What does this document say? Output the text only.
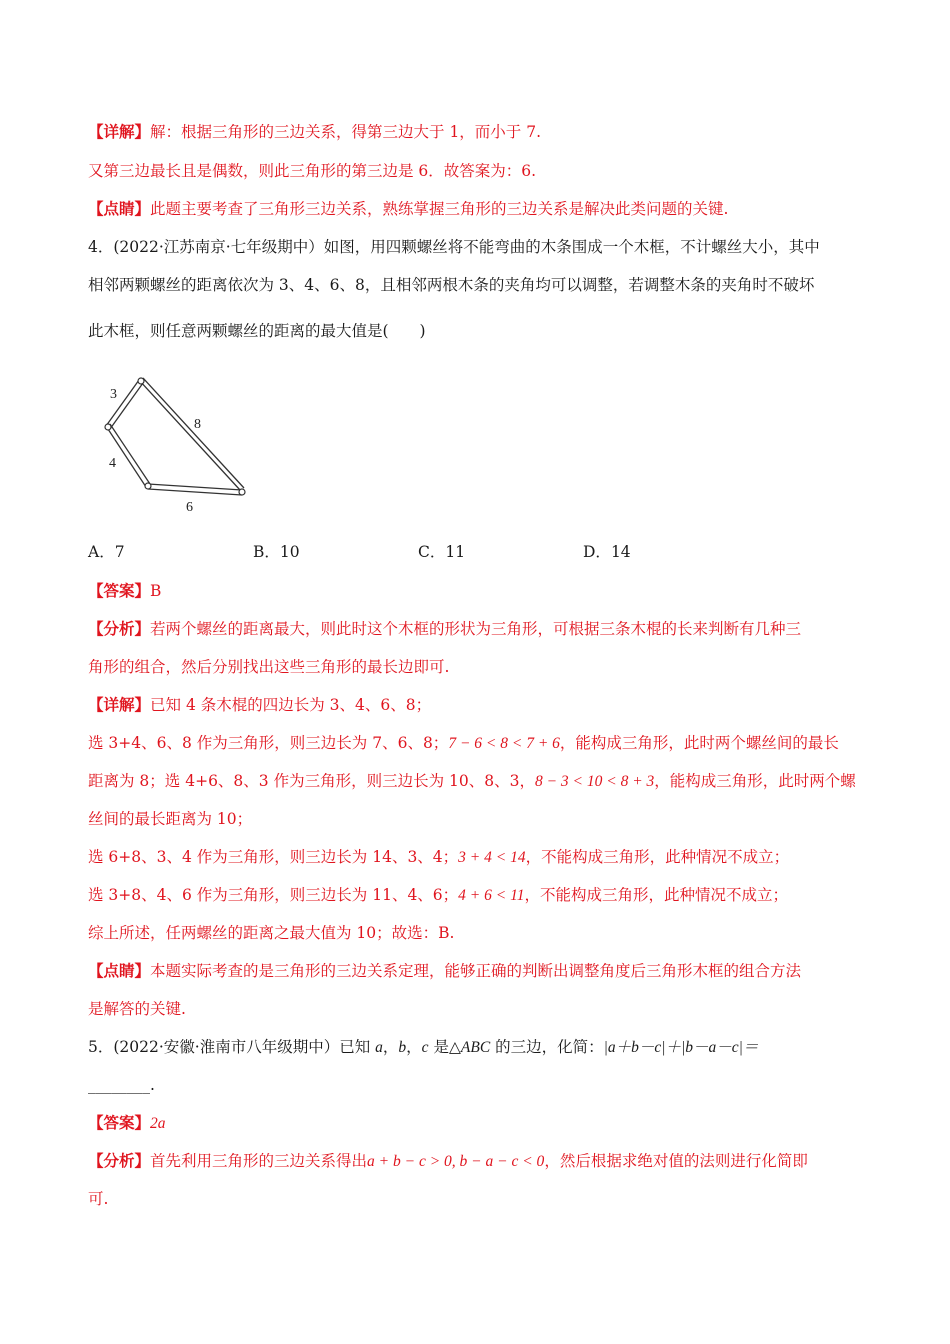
【详解】解：根据三角形的三边关系，得第三边大于 1，而小于 7.
又第三边最长且是偶数，则此三角形的第三边是 6．故答案为：6.
【点睛】此题主要考查了三角形三边关系，熟练掌握三角形的三边关系是解决此类问题的关键.
4．(2022·江苏南京·七年级期中）如图，用四颗螺丝将不能弯曲的木条围成一个木框，不计螺丝大小，其中
相邻两颗螺丝的距离依次为 3、4、6、8，且相邻两根木条的夹角均可以调整，若调整木条的夹角时不破坏
此木框，则任意两颗螺丝的距离的最大值是(　　)
3
8
4
6
A．7	B．10	C．11	D．14
【答案】B
【分析】若两个螺丝的距离最大，则此时这个木框的形状为三角形，可根据三条木棍的长来判断有几种三
角形的组合，然后分别找出这些三角形的最长边即可.
【详解】已知 4 条木棍的四边长为 3、4、6、8；
选 3+4、6、8 作为三角形，则三边长为 7、6、8；7 − 6 < 8 < 7 + 6，能构成三角形，此时两个螺丝间的最长
距离为 8；选 4+6、8、3 作为三角形，则三边长为 10、8、3，8 − 3 < 10 < 8 + 3，能构成三角形，此时两个螺
丝间的最长距离为 10；
选 6+8、3、4 作为三角形，则三边长为 14、3、4；3 + 4 < 14，不能构成三角形，此种情况不成立；
选 3+8、4、6 作为三角形，则三边长为 11、4、6；4 + 6 < 11，不能构成三角形，此种情况不成立；
综上所述，任两螺丝的距离之最大值为 10；故选：B.
【点睛】本题实际考查的是三角形的三边关系定理，能够正确的判断出调整角度后三角形木框的组合方法
是解答的关键.
5．(2022·安徽·淮南市八年级期中）已知 a，b，c 是△ABC 的三边，化简：|a＋b－c|＋|b－a－c|＝
________.
【答案】2a
【分析】首先利用三角形的三边关系得出a + b − c > 0, b − a − c < 0，然后根据求绝对值的法则进行化简即
可.
